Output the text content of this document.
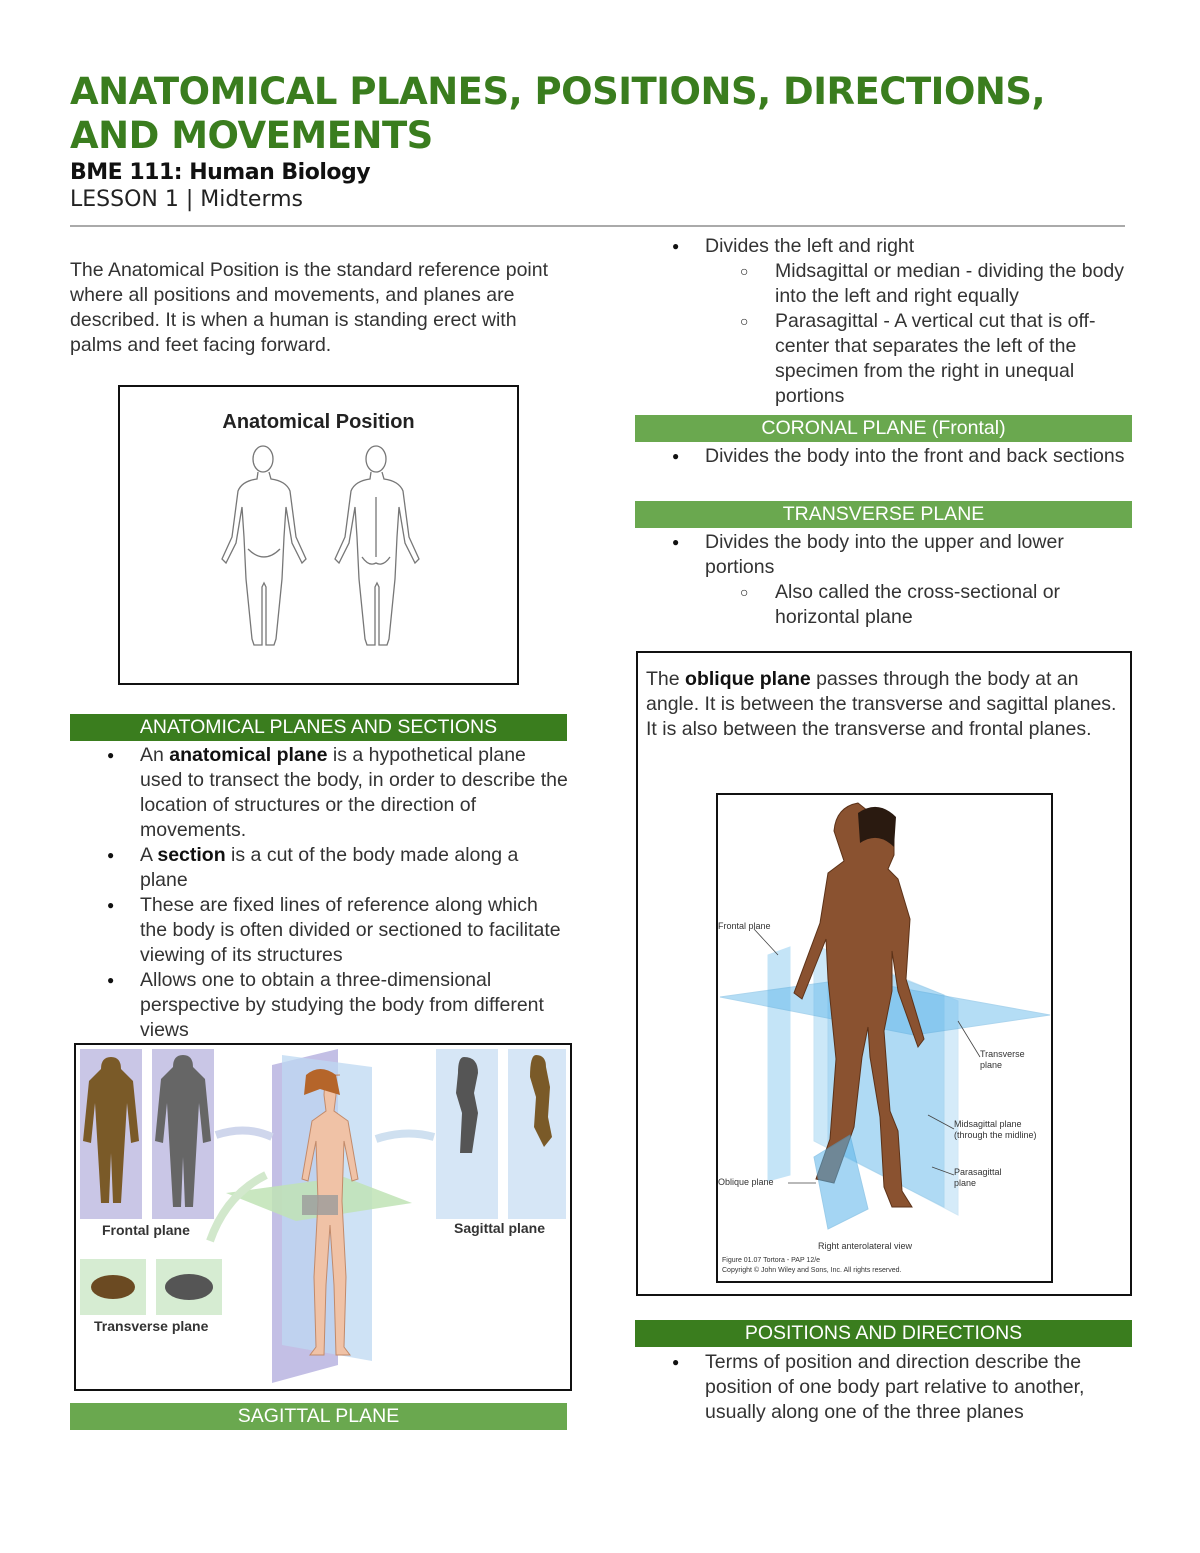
ANATOMICAL PLANES, POSITIONS, DIRECTIONS, AND MOVEMENTS
BME 111: Human Biology
LESSON 1 | Midterms
The Anatomical Position is the standard reference point where all positions and movements, and planes are described. It is when a human is standing erect with palms and feet facing forward.
Anatomical Position
ANATOMICAL PLANES AND SECTIONS
● An anatomical plane is a hypothetical plane used to transect the body, in order to describe the location of structures or the direction of movements.
● A section is a cut of the body made along a plane
● These are fixed lines of reference along which the body is often divided or sectioned to facilitate viewing of its structures
● Allows one to obtain a three-dimensional perspective by studying the body from different views
Frontal plane	Sagittal plane
Transverse plane
SAGITTAL PLANE
● Divides the left and right
○ Midsagittal or median - dividing the body into the left and right equally
○ Parasagittal - A vertical cut that is off-center that separates the left of the specimen from the right in unequal portions
CORONAL PLANE (Frontal)
● Divides the body into the front and back sections
TRANSVERSE PLANE
● Divides the body into the upper and lower portions
○ Also called the cross-sectional or horizontal plane
The oblique plane passes through the body at an angle. It is between the transverse and sagittal planes. It is also between the transverse and frontal planes.
Frontal plane
Transverse plane
Midsagittal plane (through the midline)
Parasagittal plane
Oblique plane
Right anterolateral view
Figure 01.07 Tortora - PAP 12/e
Copyright © John Wiley and Sons, Inc. All rights reserved.
POSITIONS AND DIRECTIONS
● Terms of position and direction describe the position of one body part relative to another, usually along one of the three planes
